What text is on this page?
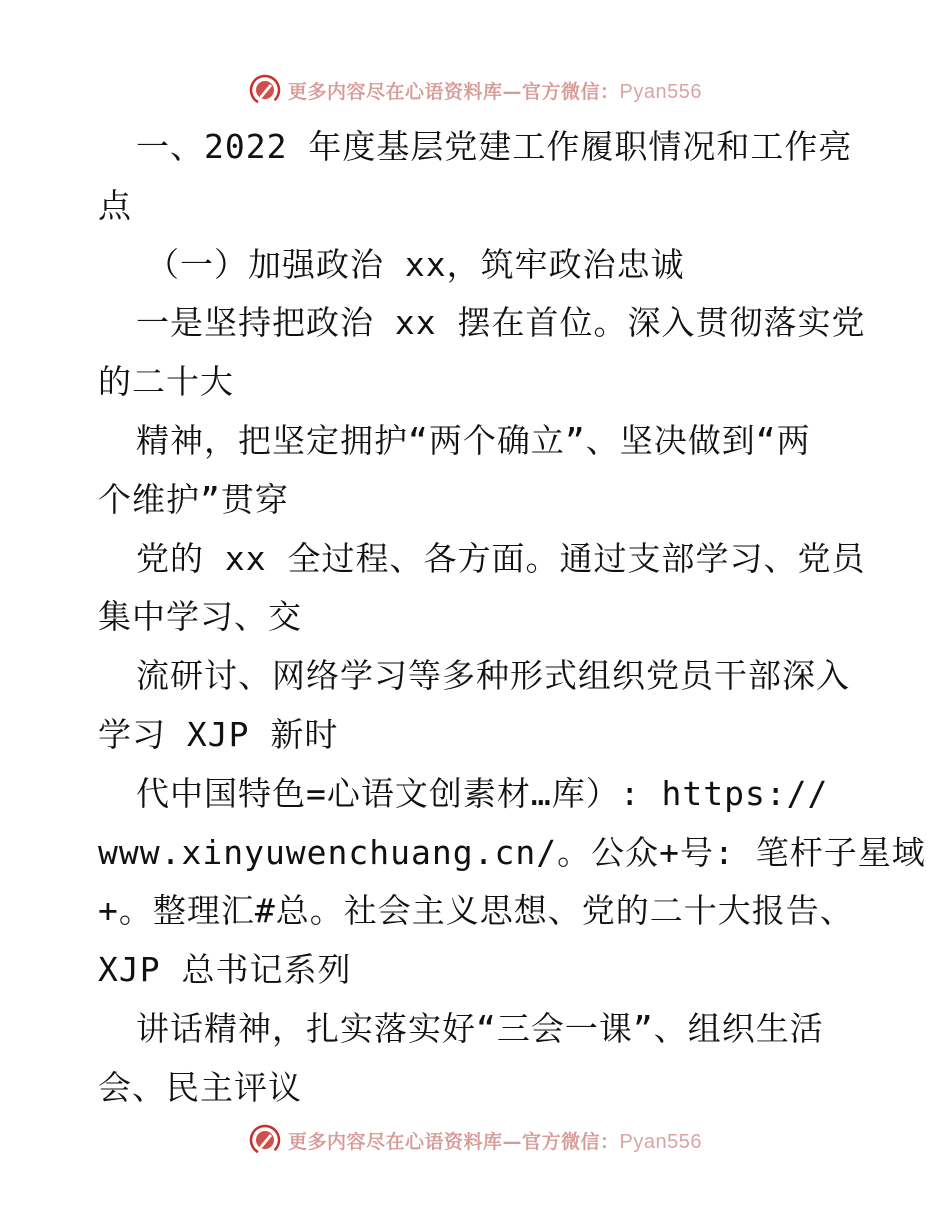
更多内容尽在心语资料库—官方微信：Pyan556
一、2022 年度基层党建工作履职情况和工作亮
点
（一）加强政治 xx，筑牢政治忠诚
一是坚持把政治 xx 摆在首位。深入贯彻落实党
的二十大
精神，把坚定拥护“两个确立”、坚决做到“两
个维护”贯穿
党的 xx 全过程、各方面。通过支部学习、党员
集中学习、交
流研讨、网络学习等多种形式组织党员干部深入
学习 XJP 新时
代中国特色=心语文创素材…库）: https://
www.xinyuwenchuang.cn/。公众+号: 笔杆子星域
+。整理汇#总。社会主义思想、党的二十大报告、
XJP 总书记系列
讲话精神，扎实落实好“三会一课”、组织生活
会、民主评议
更多内容尽在心语资料库—官方微信：Pyan556
